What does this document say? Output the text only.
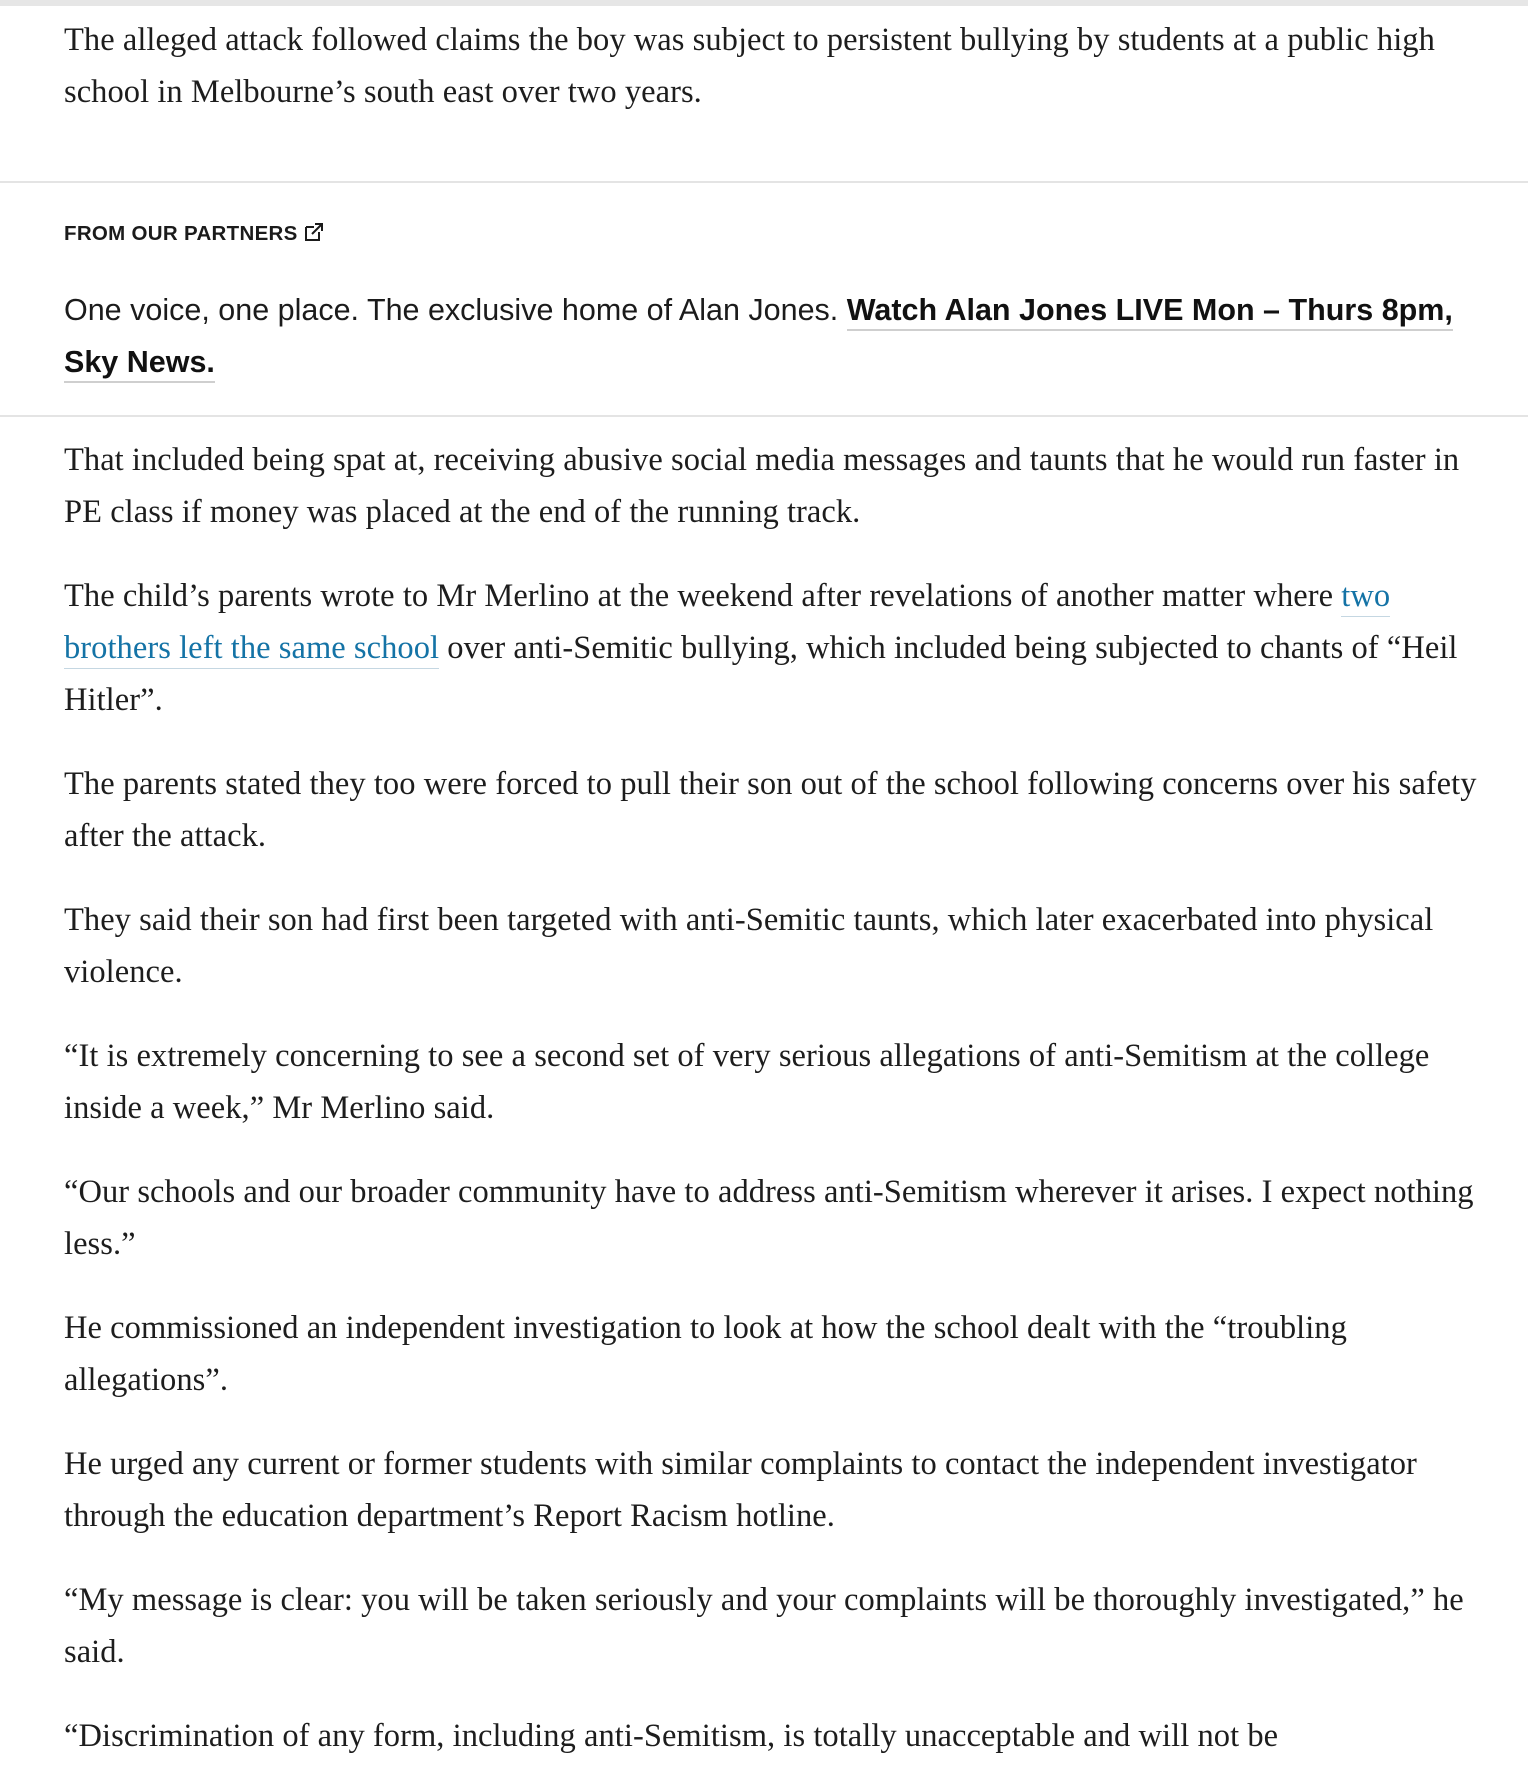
The alleged attack followed claims the boy was subject to persistent bullying by students at a public high school in Melbourne’s south east over two years.

FROM OUR PARTNERS

One voice, one place. The exclusive home of Alan Jones. Watch Alan Jones LIVE Mon – Thurs 8pm, Sky News.

That included being spat at, receiving abusive social media messages and taunts that he would run faster in PE class if money was placed at the end of the running track.

The child’s parents wrote to Mr Merlino at the weekend after revelations of another matter where two brothers left the same school over anti-Semitic bullying, which included being subjected to chants of “Heil Hitler”.

The parents stated they too were forced to pull their son out of the school following concerns over his safety after the attack.

They said their son had first been targeted with anti-Semitic taunts, which later exacerbated into physical violence.

“It is extremely concerning to see a second set of very serious allegations of anti-Semitism at the college inside a week,” Mr Merlino said.

“Our schools and our broader community have to address anti-Semitism wherever it arises. I expect nothing less.”

He commissioned an independent investigation to look at how the school dealt with the “troubling allegations”.

He urged any current or former students with similar complaints to contact the independent investigator through the education department’s Report Racism hotline.

“My message is clear: you will be taken seriously and your complaints will be thoroughly investigated,” he said.

“Discrimination of any form, including anti-Semitism, is totally unacceptable and will not be
